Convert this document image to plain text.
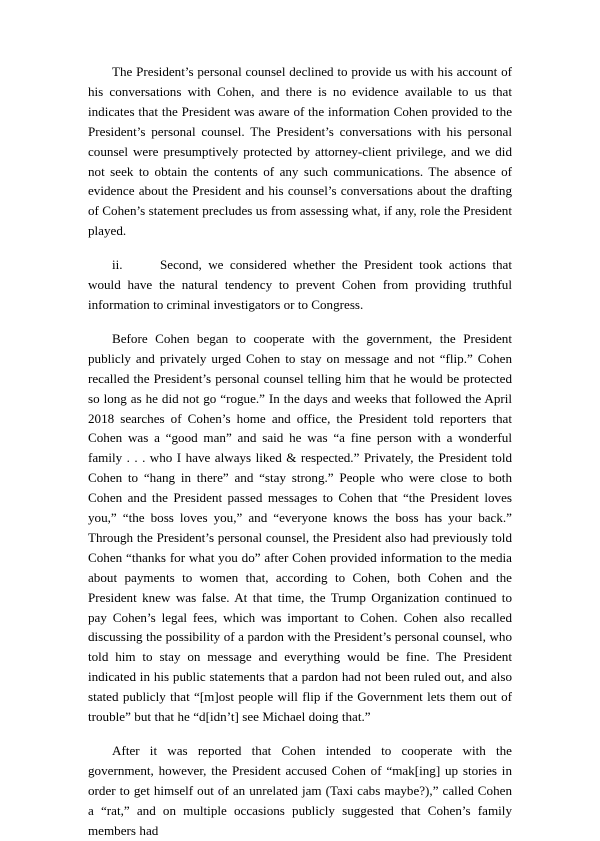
The President’s personal counsel declined to provide us with his account of his conversations with Cohen, and there is no evidence available to us that indicates that the President was aware of the information Cohen provided to the President’s personal counsel. The President’s conversations with his personal counsel were presumptively protected by attorney-client privilege, and we did not seek to obtain the contents of any such communications. The absence of evidence about the President and his counsel’s conversations about the drafting of Cohen’s statement precludes us from assessing what, if any, role the President played.

ii.	Second, we considered whether the President took actions that would have the natural tendency to prevent Cohen from providing truthful information to criminal investigators or to Congress.

Before Cohen began to cooperate with the government, the President publicly and privately urged Cohen to stay on message and not “flip.” Cohen recalled the President’s personal counsel telling him that he would be protected so long as he did not go “rogue.” In the days and weeks that followed the April 2018 searches of Cohen’s home and office, the President told reporters that Cohen was a “good man” and said he was “a fine person with a wonderful family . . . who I have always liked & respected.” Privately, the President told Cohen to “hang in there” and “stay strong.” People who were close to both Cohen and the President passed messages to Cohen that “the President loves you,” “the boss loves you,” and “everyone knows the boss has your back.” Through the President’s personal counsel, the President also had previously told Cohen “thanks for what you do” after Cohen provided information to the media about payments to women that, according to Cohen, both Cohen and the President knew was false. At that time, the Trump Organization continued to pay Cohen’s legal fees, which was important to Cohen. Cohen also recalled discussing the possibility of a pardon with the President’s personal counsel, who told him to stay on message and everything would be fine. The President indicated in his public statements that a pardon had not been ruled out, and also stated publicly that “[m]ost people will flip if the Government lets them out of trouble” but that he “d[idn’t] see Michael doing that.”

After it was reported that Cohen intended to cooperate with the government, however, the President accused Cohen of “mak[ing] up stories in order to get himself out of an unrelated jam (Taxi cabs maybe?),” called Cohen a “rat,” and on multiple occasions publicly suggested that Cohen’s family members had
